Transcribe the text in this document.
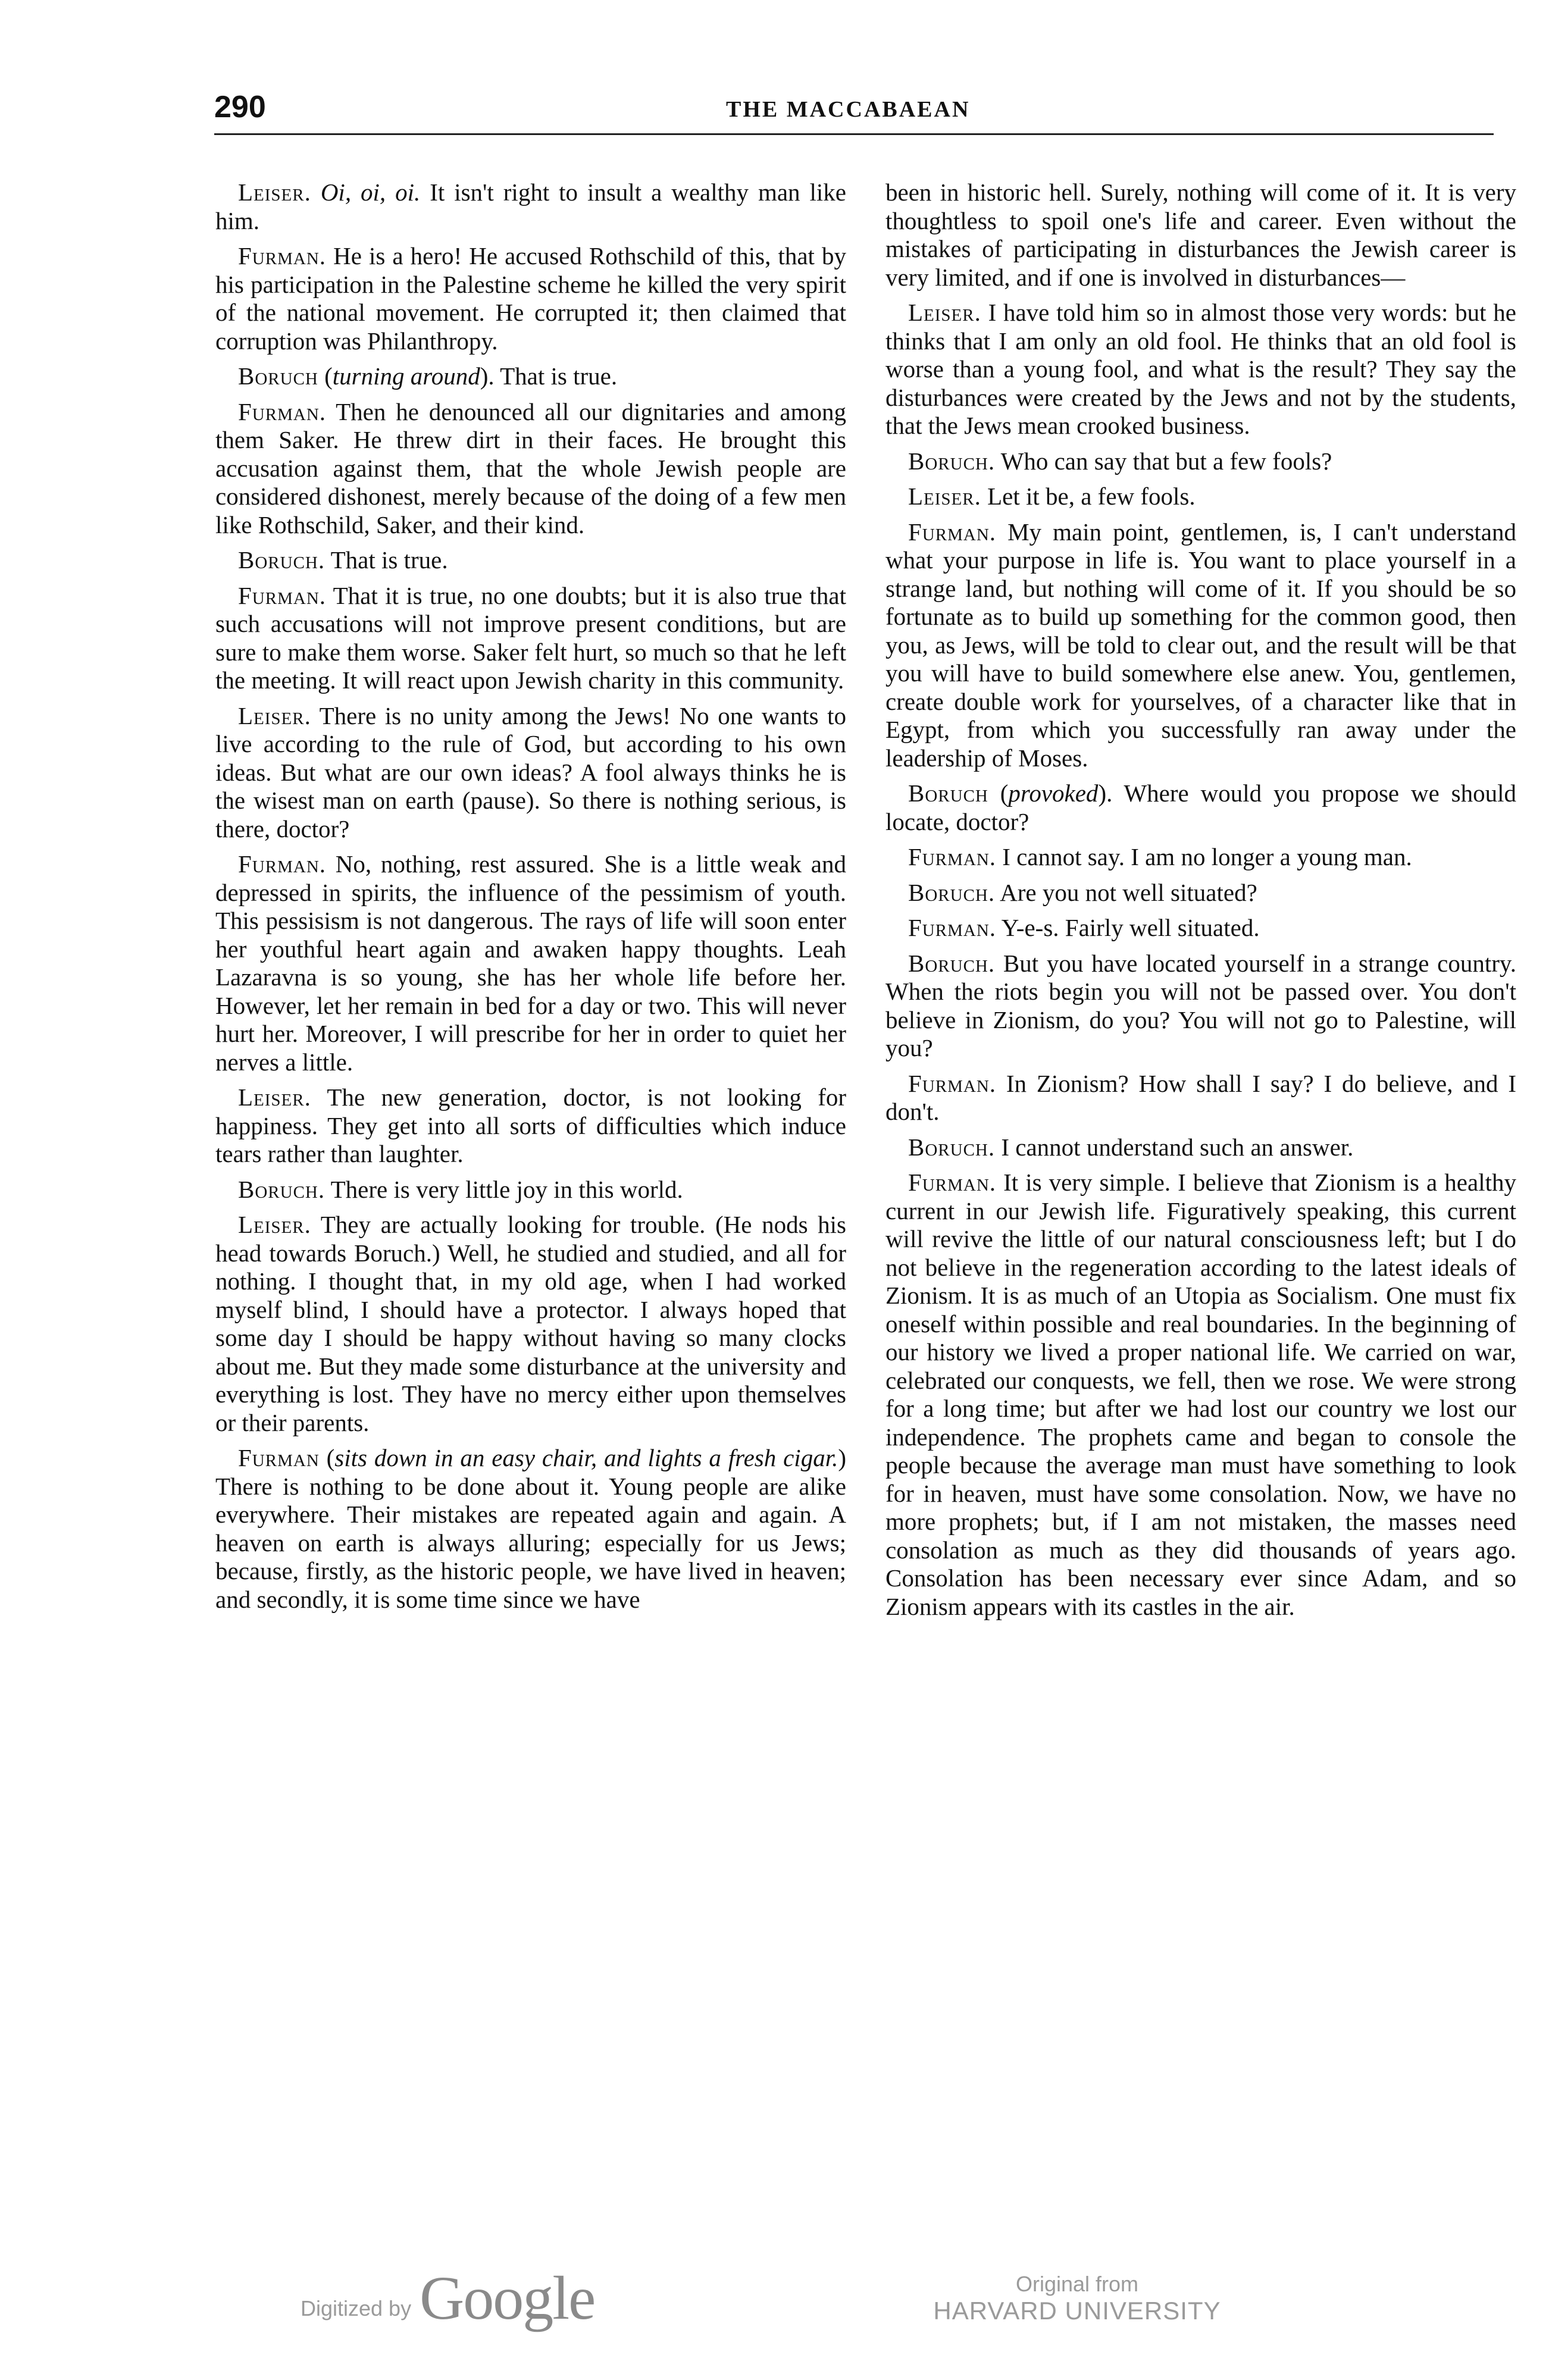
290	THE MACCABAEAN

Leiser. Oi, oi, oi. It isn't right to insult a wealthy man like him.

Furman. He is a hero! He accused Rothschild of this, that by his participation in the Palestine scheme he killed the very spirit of the national movement. He corrupted it; then claimed that corruption was Philanthropy.

Boruch (turning around). That is true.

Furman. Then he denounced all our dignitaries and among them Saker. He threw dirt in their faces. He brought this accusation against them, that the whole Jewish people are considered dishonest, merely because of the doing of a few men like Rothschild, Saker, and their kind.

Boruch. That is true.

Furman. That it is true, no one doubts; but it is also true that such accusations will not improve present conditions, but are sure to make them worse. Saker felt hurt, so much so that he left the meeting. It will react upon Jewish charity in this community.

Leiser. There is no unity among the Jews! No one wants to live according to the rule of God, but according to his own ideas. But what are our own ideas? A fool always thinks he is the wisest man on earth (pause). So there is nothing serious, is there, doctor?

Furman. No, nothing, rest assured. She is a little weak and depressed in spirits, the influence of the pessimism of youth. This pessisism is not dangerous. The rays of life will soon enter her youthful heart again and awaken happy thoughts. Leah Lazaravna is so young, she has her whole life before her. However, let her remain in bed for a day or two. This will never hurt her. Moreover, I will prescribe for her in order to quiet her nerves a little.

Leiser. The new generation, doctor, is not looking for happiness. They get into all sorts of difficulties which induce tears rather than laughter.

Boruch. There is very little joy in this world.

Leiser. They are actually looking for trouble. (He nods his head towards Boruch.) Well, he studied and studied, and all for nothing. I thought that, in my old age, when I had worked myself blind, I should have a protector. I always hoped that some day I should be happy without having so many clocks about me. But they made some disturbance at the university and everything is lost. They have no mercy either upon themselves or their parents.

Furman (sits down in an easy chair, and lights a fresh cigar.) There is nothing to be done about it. Young people are alike everywhere. Their mistakes are repeated again and again. A heaven on earth is always alluring; especially for us Jews; because, firstly, as the historic people, we have lived in heaven; and secondly, it is some time since we have

been in historic hell. Surely, nothing will come of it. It is very thoughtless to spoil one's life and career. Even without the mistakes of participating in disturbances the Jewish career is very limited, and if one is involved in disturbances—

Leiser. I have told him so in almost those very words: but he thinks that I am only an old fool. He thinks that an old fool is worse than a young fool, and what is the result? They say the disturbances were created by the Jews and not by the students, that the Jews mean crooked business.

Boruch. Who can say that but a few fools?

Leiser. Let it be, a few fools.

Furman. My main point, gentlemen, is, I can't understand what your purpose in life is. You want to place yourself in a strange land, but nothing will come of it. If you should be so fortunate as to build up something for the common good, then you, as Jews, will be told to clear out, and the result will be that you will have to build somewhere else anew. You, gentlemen, create double work for yourselves, of a character like that in Egypt, from which you successfully ran away under the leadership of Moses.

Boruch (provoked). Where would you propose we should locate, doctor?

Furman. I cannot say. I am no longer a young man.

Boruch. Are you not well situated?

Furman. Y-e-s. Fairly well situated.

Boruch. But you have located yourself in a strange country. When the riots begin you will not be passed over. You don't believe in Zionism, do you? You will not go to Palestine, will you?

Furman. In Zionism? How shall I say? I do believe, and I don't.

Boruch. I cannot understand such an answer.

Furman. It is very simple. I believe that Zionism is a healthy current in our Jewish life. Figuratively speaking, this current will revive the little of our natural consciousness left; but I do not believe in the regeneration according to the latest ideals of Zionism. It is as much of an Utopia as Socialism. One must fix oneself within possible and real boundaries. In the beginning of our history we lived a proper national life. We carried on war, celebrated our conquests, we fell, then we rose. We were strong for a long time; but after we had lost our country we lost our independence. The prophets came and began to console the people because the average man must have something to look for in heaven, must have some consolation. Now, we have no more prophets; but, if I am not mistaken, the masses need consolation as much as they did thousands of years ago. Consolation has been necessary ever since Adam, and so Zionism appears with its castles in the air.

Digitized by Google	Original from
HARVARD UNIVERSITY
